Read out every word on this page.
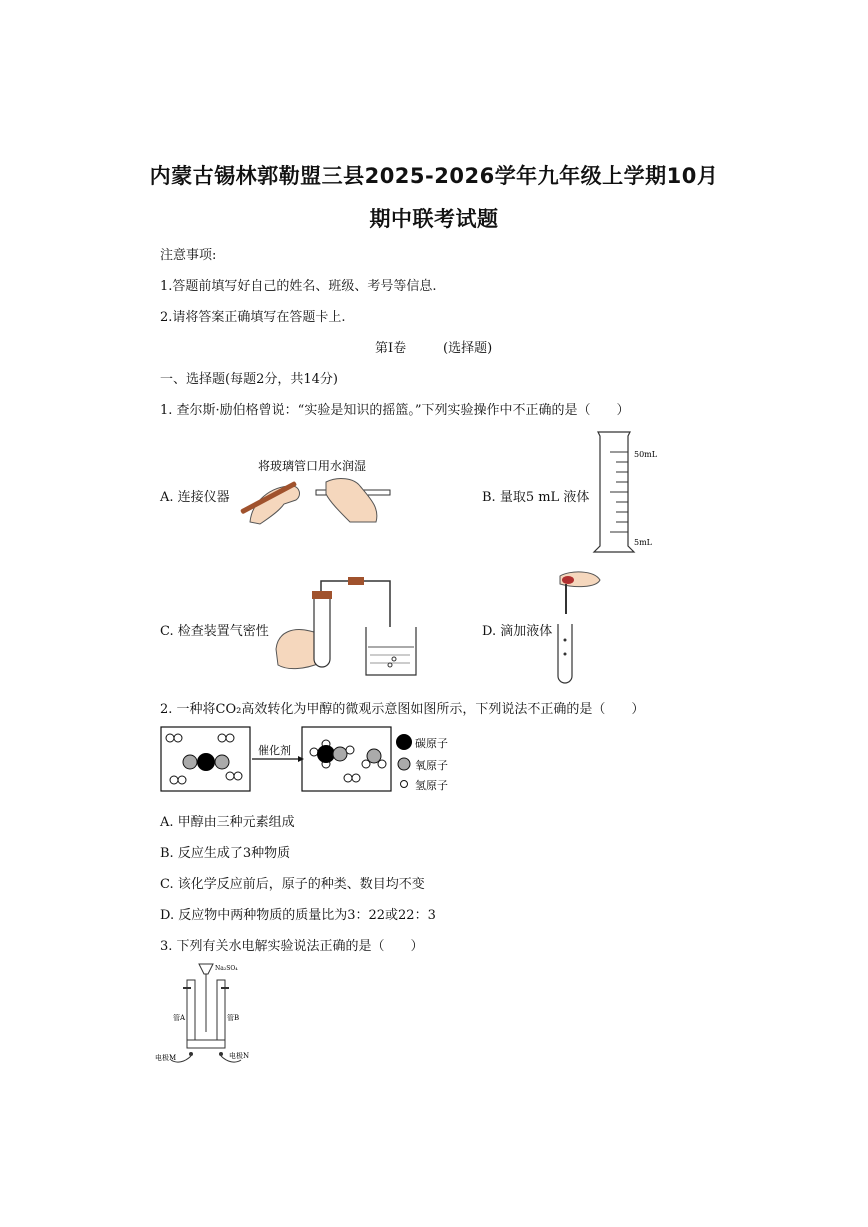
内蒙古锡林郭勒盟三县2025-2026学年九年级上学期10月
期中联考试题
注意事项:
1.答题前填写好自己的姓名、班级、考号等信息.
2.请将答案正确填写在答题卡上.
第I卷	(选择题)
一、选择题(每题2分，共14分)
1. 查尔斯·励伯格曾说：“实验是知识的摇篮。”下列实验操作中不正确的是（　　）
A. 连接仪器
将玻璃管口用水润湿
B. 量取5 mL 液体
50mL
5mL
C. 检查装置气密性	D. 滴加液体
2. 一种将CO₂高效转化为甲醇的微观示意图如图所示，下列说法不正确的是（　　）
催化剂
碳原子
氧原子
氢原子
A. 甲醇由三种元素组成
B. 反应生成了3种物质
C. 该化学反应前后，原子的种类、数目均不变
D. 反应物中两种物质的质量比为3：22或22：3
3. 下列有关水电解实验说法正确的是（　　）
Na₂SO₄
管A	管B
电极M	电极N
